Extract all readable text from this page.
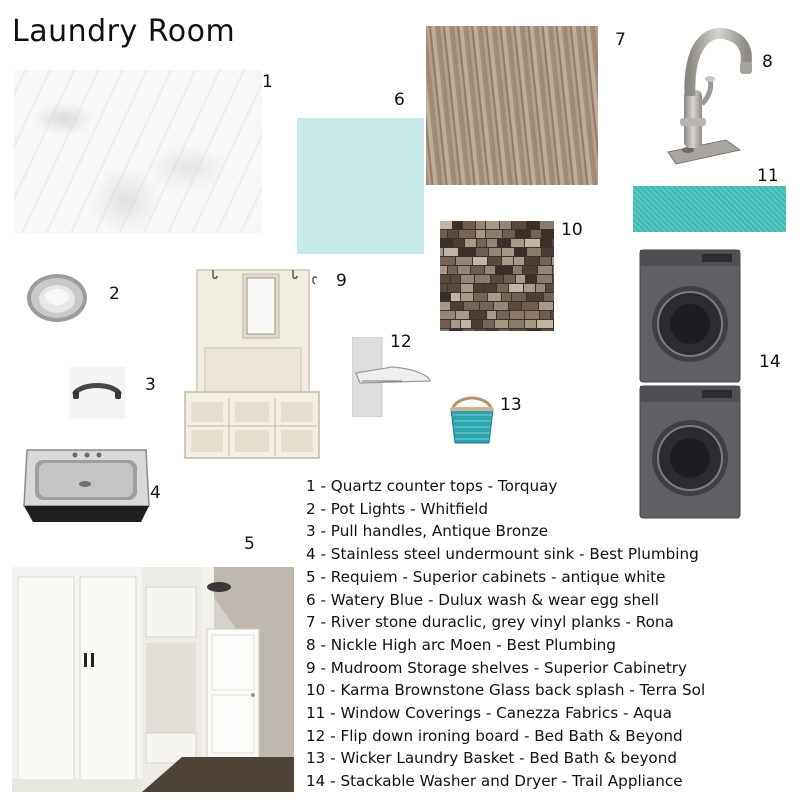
Laundry Room
1
6
7
8
11
10
2
3
4
9
12
13
14
5
1 - Quartz counter tops - Torquay
2 - Pot Lights - Whitfield
3 - Pull handles, Antique Bronze
4 - Stainless steel undermount sink - Best Plumbing
5 - Requiem - Superior cabinets - antique white
6 - Watery Blue - Dulux wash & wear egg shell
7 - River stone duraclic, grey vinyl planks - Rona
8 - Nickle High arc Moen - Best Plumbing
9 - Mudroom Storage shelves - Superior Cabinetry
10 - Karma Brownstone Glass back splash - Terra Sol
11 - Window Coverings - Canezza Fabrics - Aqua
12 - Flip down ironing board - Bed Bath & Beyond
13 - Wicker Laundry Basket - Bed Bath & beyond
14 - Stackable Washer and Dryer - Trail Appliance
